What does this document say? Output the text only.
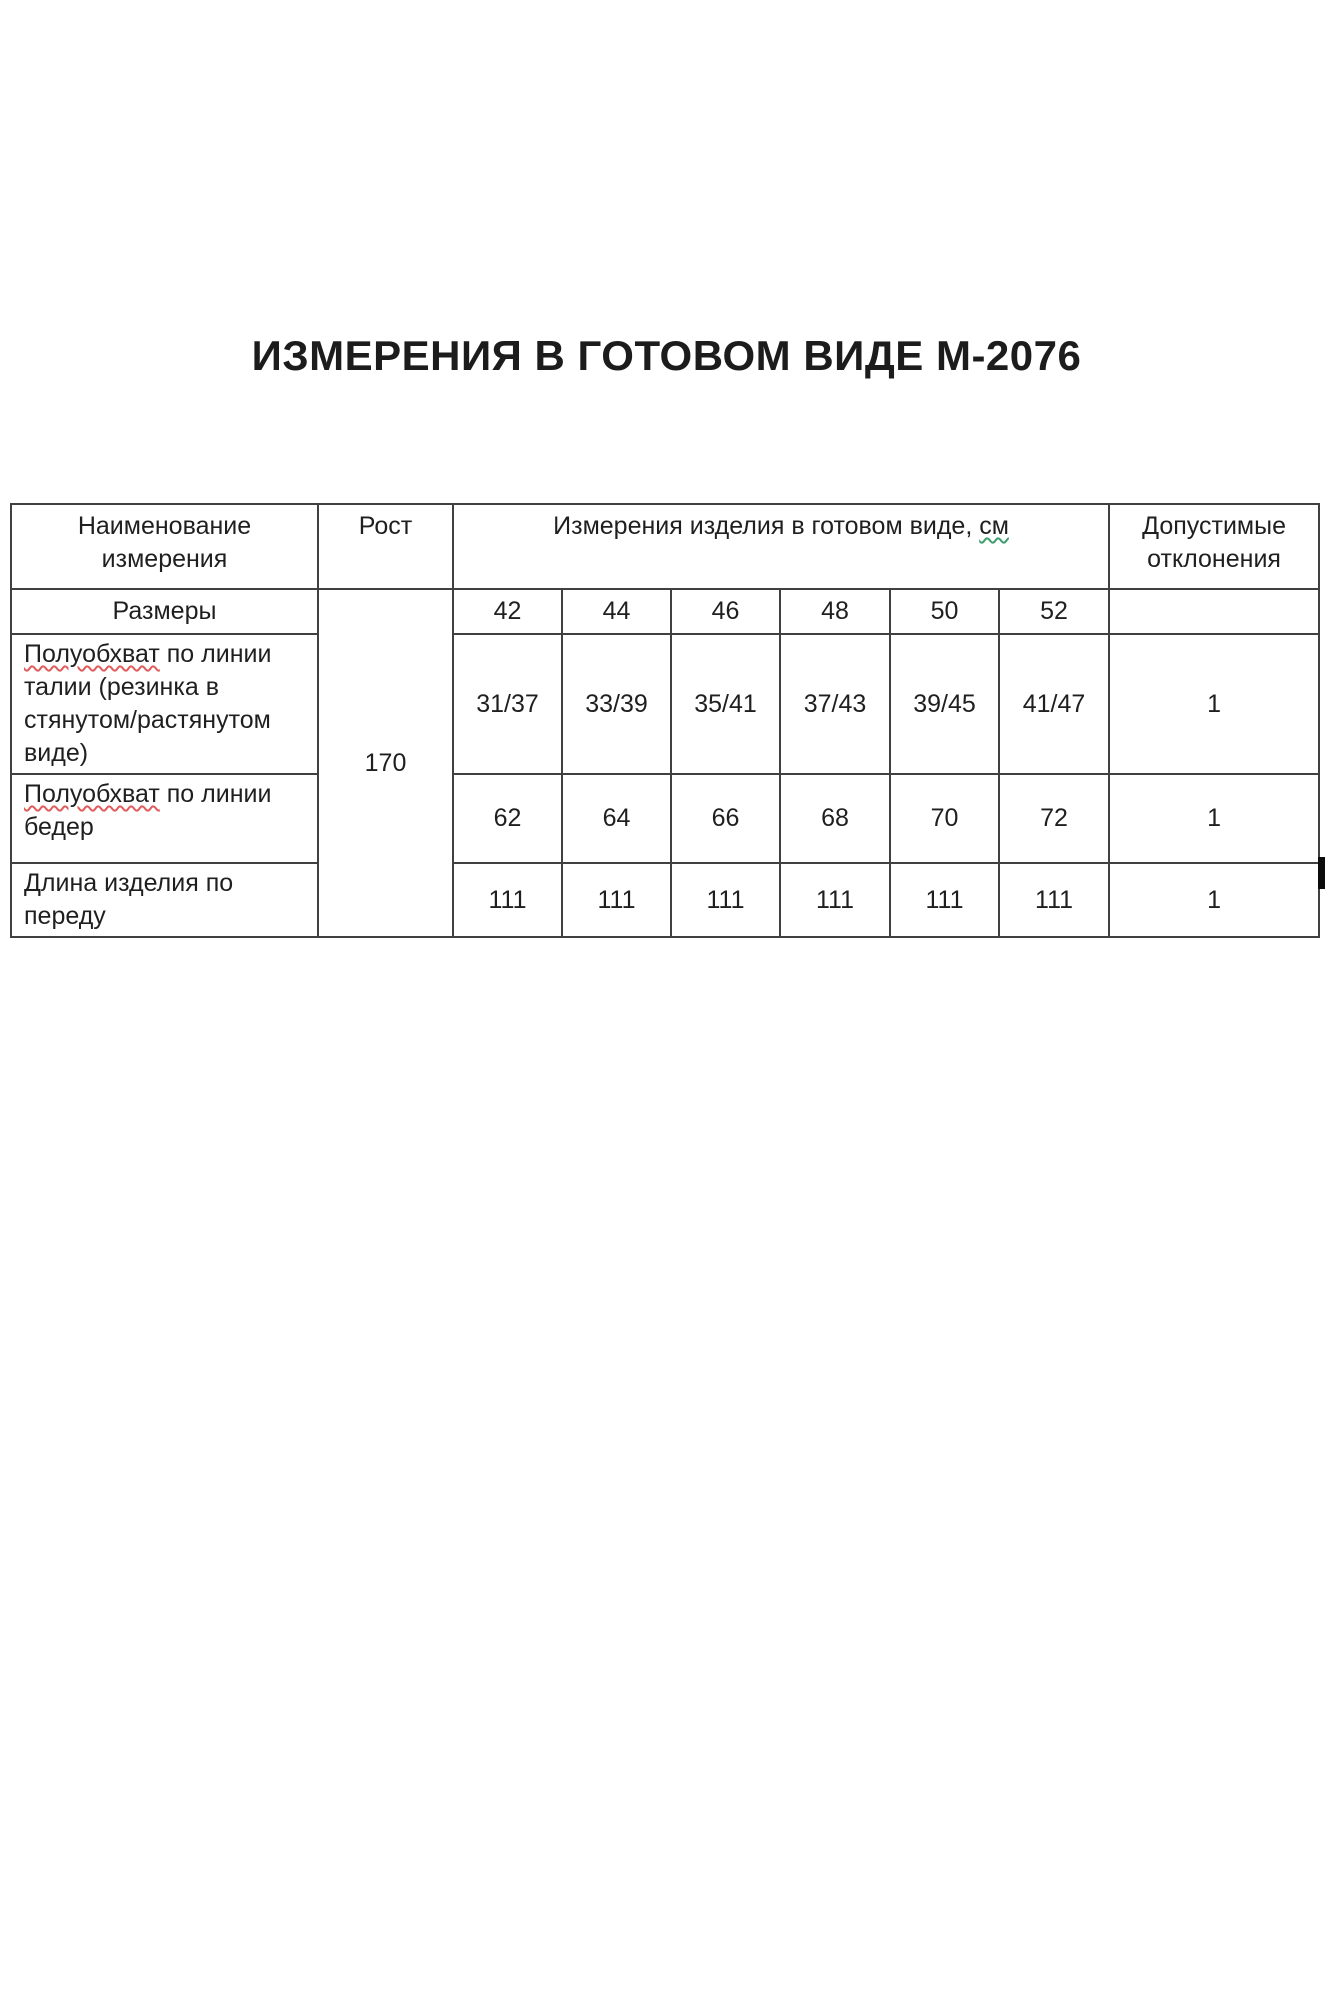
ИЗМЕРЕНИЯ В ГОТОВОМ ВИДЕ М-2076
Наименование
измерения	Рост	Измерения изделия в готовом виде, см						Допустимые
отклонения
Размеры	170	42	44	46	48	50	52	
Полуобхват по линии талии (резинка в стянутом/растянутом виде)		31/37	33/39	35/41	37/43	39/45	41/47	1
Полуобхват по линии бедер		62	64	66	68	70	72	1
Длина изделия по переду		111	111	111	111	111	111	1
